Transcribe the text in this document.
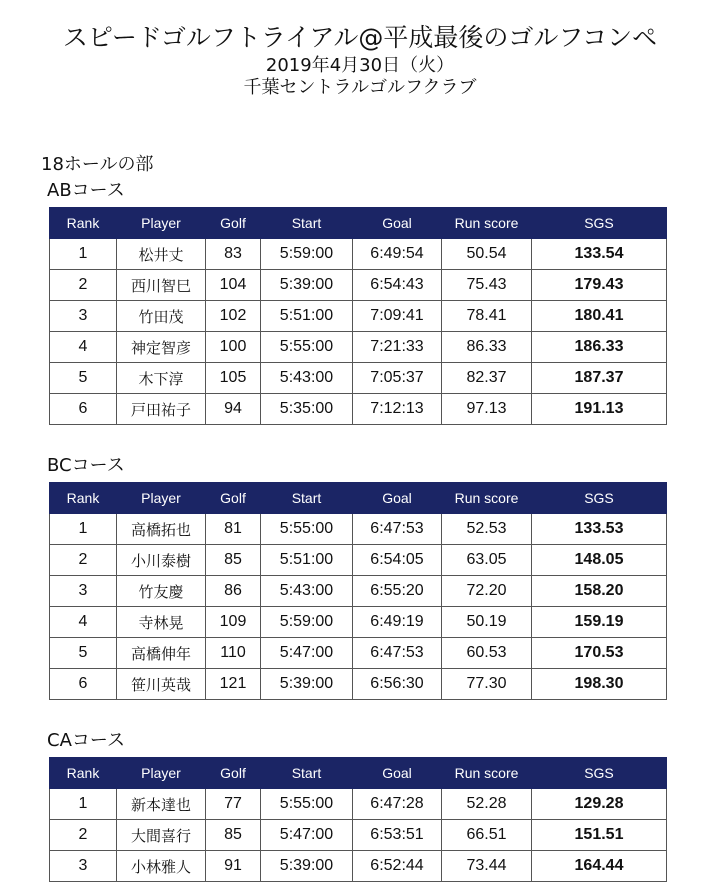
スピードゴルフトライアル@平成最後のゴルフコンペ
2019年4月30日（火）
千葉セントラルゴルフクラブ
18ホールの部
ABコース
Rank	Player	Golf	Start	Goal	Run score	SGS
1	松井丈	83	5:59:00	6:49:54	50.54	133.54
2	西川智巳	104	5:39:00	6:54:43	75.43	179.43
3	竹田茂	102	5:51:00	7:09:41	78.41	180.41
4	神定智彦	100	5:55:00	7:21:33	86.33	186.33
5	木下淳	105	5:43:00	7:05:37	82.37	187.37
6	戸田祐子	94	5:35:00	7:12:13	97.13	191.13
BCコース
Rank	Player	Golf	Start	Goal	Run score	SGS
1	高橋拓也	81	5:55:00	6:47:53	52.53	133.53
2	小川泰樹	85	5:51:00	6:54:05	63.05	148.05
3	竹友慶	86	5:43:00	6:55:20	72.20	158.20
4	寺林晃	109	5:59:00	6:49:19	50.19	159.19
5	高橋伸年	110	5:47:00	6:47:53	60.53	170.53
6	笹川英哉	121	5:39:00	6:56:30	77.30	198.30
CAコース
Rank	Player	Golf	Start	Goal	Run score	SGS
1	新本達也	77	5:55:00	6:47:28	52.28	129.28
2	大間喜行	85	5:47:00	6:53:51	66.51	151.51
3	小林雅人	91	5:39:00	6:52:44	73.44	164.44
